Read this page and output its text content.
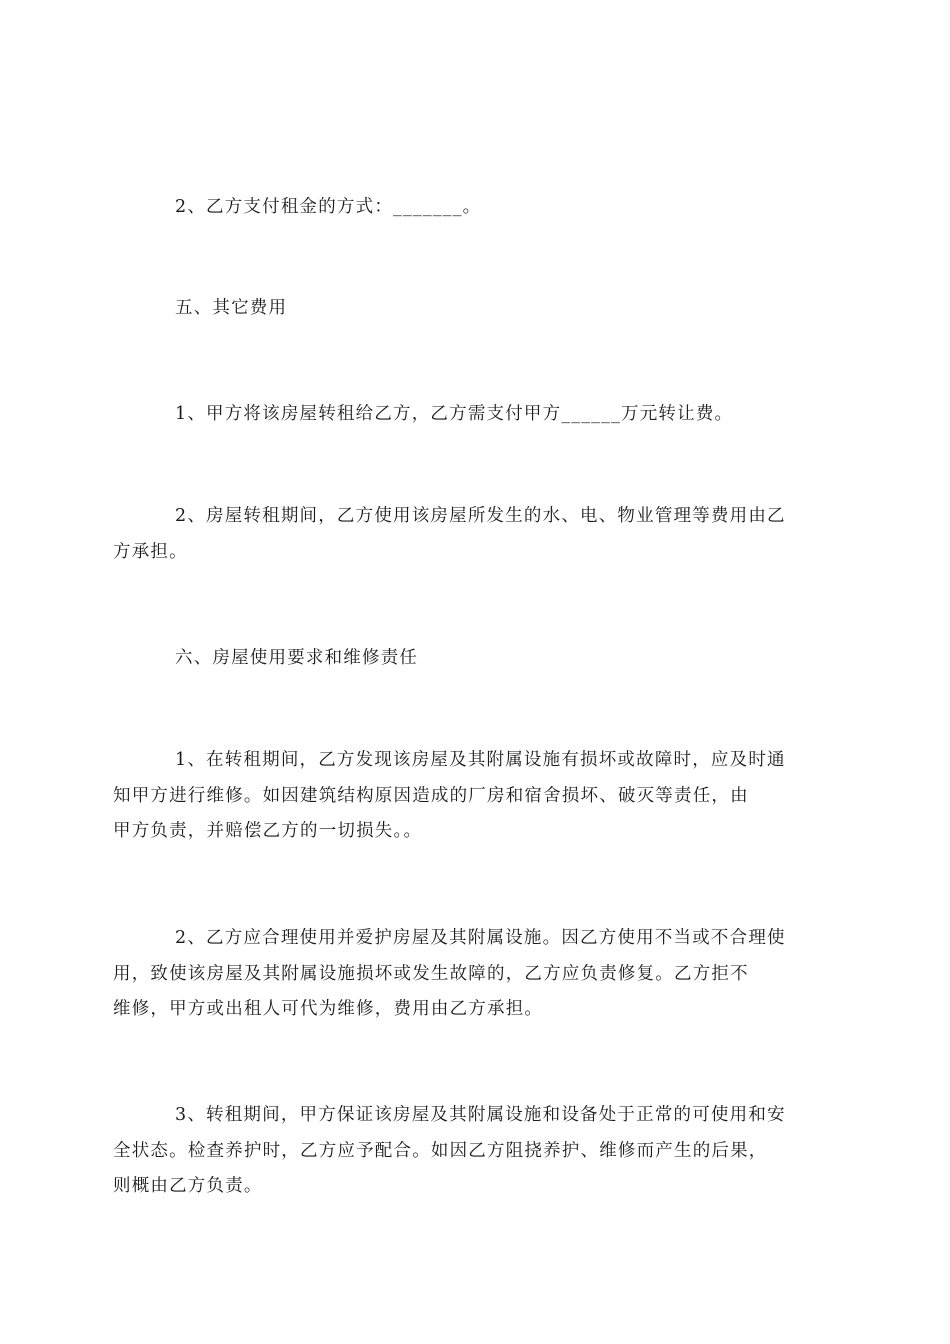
2、乙方支付租金的方式：_______。

五、其它费用

1、甲方将该房屋转租给乙方，乙方需支付甲方______万元转让费。

2、房屋转租期间，乙方使用该房屋所发生的水、电、物业管理等费用由乙
方承担。

六、房屋使用要求和维修责任

1、在转租期间，乙方发现该房屋及其附属设施有损坏或故障时，应及时通
知甲方进行维修。如因建筑结构原因造成的厂房和宿舍损坏、破灭等责任，由
甲方负责，并赔偿乙方的一切损失。。

2、乙方应合理使用并爱护房屋及其附属设施。因乙方使用不当或不合理使
用，致使该房屋及其附属设施损坏或发生故障的，乙方应负责修复。乙方拒不
维修，甲方或出租人可代为维修，费用由乙方承担。

3、转租期间，甲方保证该房屋及其附属设施和设备处于正常的可使用和安
全状态。检查养护时，乙方应予配合。如因乙方阻挠养护、维修而产生的后果，
则概由乙方负责。
